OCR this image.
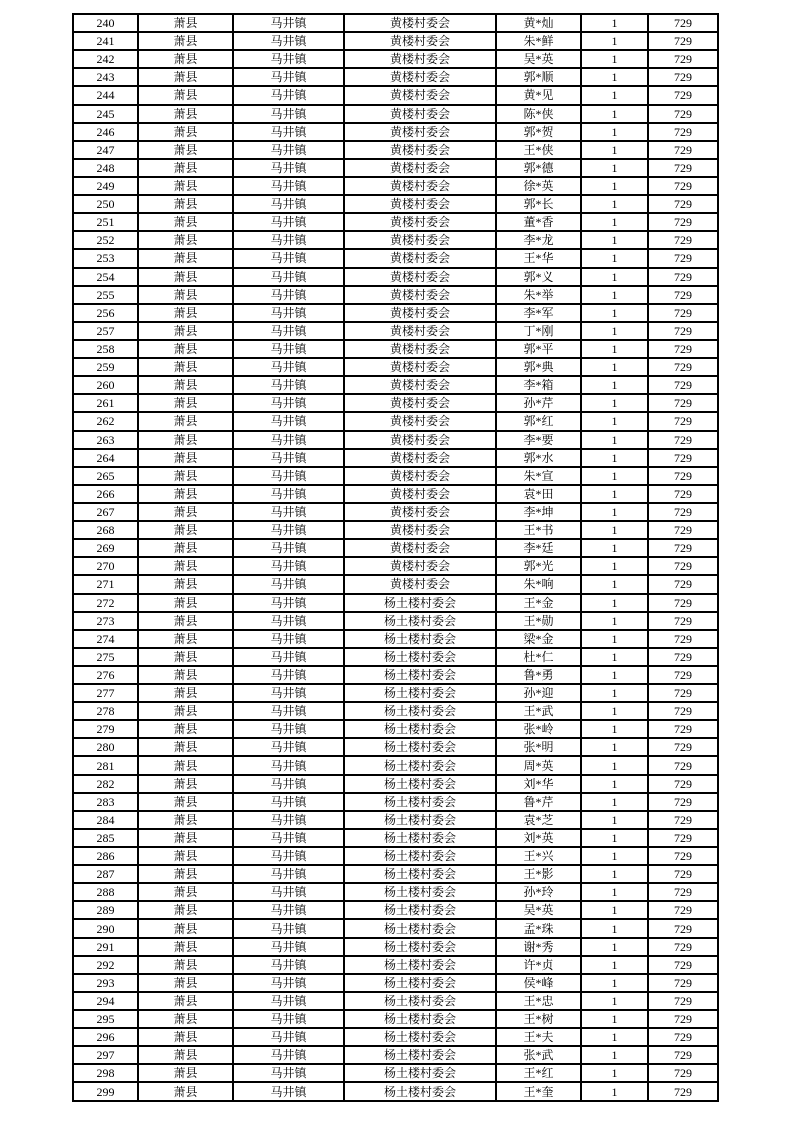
240	萧县	马井镇	黄楼村委会	黄*灿	1	729
241	萧县	马井镇	黄楼村委会	朱*鲜	1	729
242	萧县	马井镇	黄楼村委会	吴*英	1	729
243	萧县	马井镇	黄楼村委会	郭*顺	1	729
244	萧县	马井镇	黄楼村委会	黄*见	1	729
245	萧县	马井镇	黄楼村委会	陈*侠	1	729
246	萧县	马井镇	黄楼村委会	郭*贺	1	729
247	萧县	马井镇	黄楼村委会	王*侠	1	729
248	萧县	马井镇	黄楼村委会	郭*德	1	729
249	萧县	马井镇	黄楼村委会	徐*英	1	729
250	萧县	马井镇	黄楼村委会	郭*长	1	729
251	萧县	马井镇	黄楼村委会	董*香	1	729
252	萧县	马井镇	黄楼村委会	李*龙	1	729
253	萧县	马井镇	黄楼村委会	王*华	1	729
254	萧县	马井镇	黄楼村委会	郭*义	1	729
255	萧县	马井镇	黄楼村委会	朱*举	1	729
256	萧县	马井镇	黄楼村委会	李*军	1	729
257	萧县	马井镇	黄楼村委会	丁*刚	1	729
258	萧县	马井镇	黄楼村委会	郭*平	1	729
259	萧县	马井镇	黄楼村委会	郭*典	1	729
260	萧县	马井镇	黄楼村委会	李*箱	1	729
261	萧县	马井镇	黄楼村委会	孙*芹	1	729
262	萧县	马井镇	黄楼村委会	郭*红	1	729
263	萧县	马井镇	黄楼村委会	李*要	1	729
264	萧县	马井镇	黄楼村委会	郭*水	1	729
265	萧县	马井镇	黄楼村委会	朱*宣	1	729
266	萧县	马井镇	黄楼村委会	袁*田	1	729
267	萧县	马井镇	黄楼村委会	李*坤	1	729
268	萧县	马井镇	黄楼村委会	王*书	1	729
269	萧县	马井镇	黄楼村委会	李*廷	1	729
270	萧县	马井镇	黄楼村委会	郭*光	1	729
271	萧县	马井镇	黄楼村委会	朱*响	1	729
272	萧县	马井镇	杨土楼村委会	王*金	1	729
273	萧县	马井镇	杨土楼村委会	王*勋	1	729
274	萧县	马井镇	杨土楼村委会	梁*金	1	729
275	萧县	马井镇	杨土楼村委会	杜*仁	1	729
276	萧县	马井镇	杨土楼村委会	鲁*勇	1	729
277	萧县	马井镇	杨土楼村委会	孙*迎	1	729
278	萧县	马井镇	杨土楼村委会	王*武	1	729
279	萧县	马井镇	杨土楼村委会	张*岭	1	729
280	萧县	马井镇	杨土楼村委会	张*明	1	729
281	萧县	马井镇	杨土楼村委会	周*英	1	729
282	萧县	马井镇	杨土楼村委会	刘*华	1	729
283	萧县	马井镇	杨土楼村委会	鲁*芹	1	729
284	萧县	马井镇	杨土楼村委会	袁*芝	1	729
285	萧县	马井镇	杨土楼村委会	刘*英	1	729
286	萧县	马井镇	杨土楼村委会	王*兴	1	729
287	萧县	马井镇	杨土楼村委会	王*影	1	729
288	萧县	马井镇	杨土楼村委会	孙*玲	1	729
289	萧县	马井镇	杨土楼村委会	吴*英	1	729
290	萧县	马井镇	杨土楼村委会	孟*珠	1	729
291	萧县	马井镇	杨土楼村委会	谢*秀	1	729
292	萧县	马井镇	杨土楼村委会	许*贞	1	729
293	萧县	马井镇	杨土楼村委会	侯*峰	1	729
294	萧县	马井镇	杨土楼村委会	王*忠	1	729
295	萧县	马井镇	杨土楼村委会	王*树	1	729
296	萧县	马井镇	杨土楼村委会	王*夫	1	729
297	萧县	马井镇	杨土楼村委会	张*武	1	729
298	萧县	马井镇	杨土楼村委会	王*红	1	729
299	萧县	马井镇	杨土楼村委会	王*奎	1	729
